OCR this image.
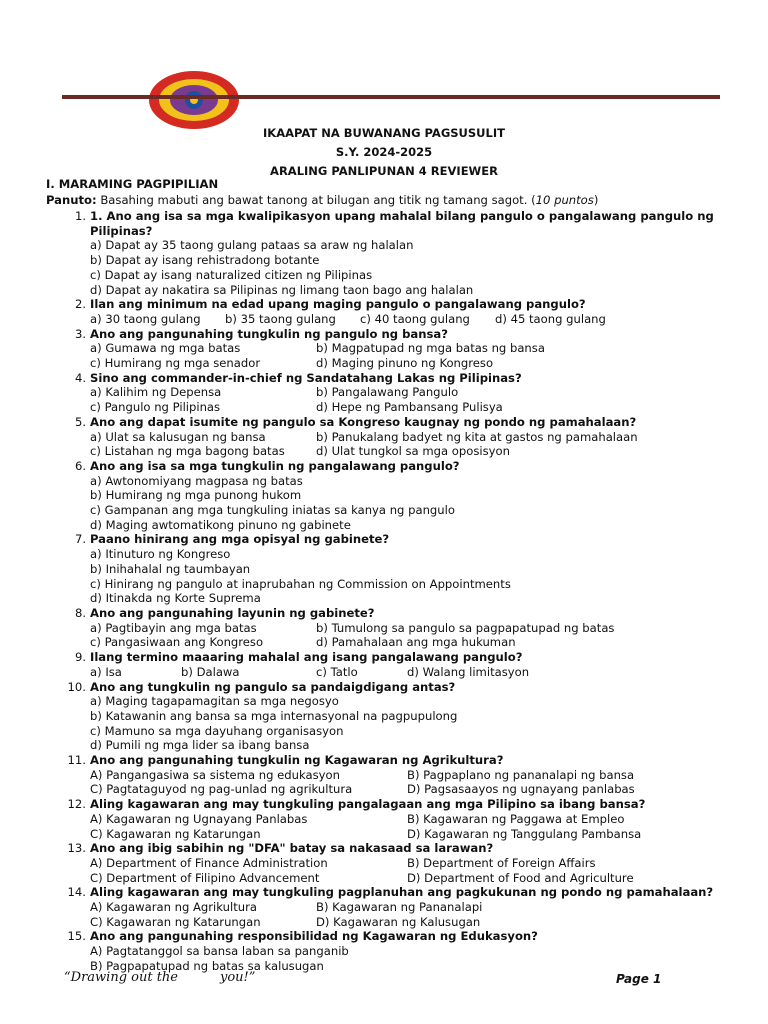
IKAAPAT NA BUWANANG PAGSUSULIT
S.Y. 2024-2025
ARALING PANLIPUNAN 4 REVIEWER
I. MARAMING PAGPIPILIAN
Panuto: Basahing mabuti ang bawat tanong at bilugan ang titik ng tamang sagot. (10 puntos)
1. 1. Ano ang isa sa mga kwalipikasyon upang mahalal bilang pangulo o pangalawang pangulo ng Pilipinas?
a) Dapat ay 35 taong gulang pataas sa araw ng halalan
b) Dapat ay isang rehistradong botante
c) Dapat ay isang naturalized citizen ng Pilipinas
d) Dapat ay nakatira sa Pilipinas ng limang taon bago ang halalan
2. Ilan ang minimum na edad upang maging pangulo o pangalawang pangulo?
a) 30 taong gulang	b) 35 taong gulang	c) 40 taong gulang	d) 45 taong gulang
3. Ano ang pangunahing tungkulin ng pangulo ng bansa?
a) Gumawa ng mga batas	b) Magpatupad ng mga batas ng bansa
c) Humirang ng mga senador	d) Maging pinuno ng Kongreso
4. Sino ang commander-in-chief ng Sandatahang Lakas ng Pilipinas?
a) Kalihim ng Depensa	b) Pangalawang Pangulo
c) Pangulo ng Pilipinas	d) Hepe ng Pambansang Pulisya
5. Ano ang dapat isumite ng pangulo sa Kongreso kaugnay ng pondo ng pamahalaan?
a) Ulat sa kalusugan ng bansa	b) Panukalang badyet ng kita at gastos ng pamahalaan
c) Listahan ng mga bagong batas	d) Ulat tungkol sa mga oposisyon
6. Ano ang isa sa mga tungkulin ng pangalawang pangulo?
a) Awtonomiyang magpasa ng batas
b) Humirang ng mga punong hukom
c) Gampanan ang mga tungkuling iniatas sa kanya ng pangulo
d) Maging awtomatikong pinuno ng gabinete
7. Paano hinirang ang mga opisyal ng gabinete?
a) Itinuturo ng Kongreso
b) Inihahalal ng taumbayan
c) Hinirang ng pangulo at inaprubahan ng Commission on Appointments
d) Itinakda ng Korte Suprema
8. Ano ang pangunahing layunin ng gabinete?
a) Pagtibayin ang mga batas	b) Tumulong sa pangulo sa pagpapatupad ng batas
c) Pangasiwaan ang Kongreso	d) Pamahalaan ang mga hukuman
9. Ilang termino maaaring mahalal ang isang pangalawang pangulo?
a) Isa	b) Dalawa	c) Tatlo	d) Walang limitasyon
10. Ano ang tungkulin ng pangulo sa pandaigdigang antas?
a) Maging tagapamagitan sa mga negosyo
b) Katawanin ang bansa sa mga internasyonal na pagpupulong
c) Mamuno sa mga dayuhang organisasyon
d) Pumili ng mga lider sa ibang bansa
11. Ano ang pangunahing tungkulin ng Kagawaran ng Agrikultura?
A) Pangangasiwa sa sistema ng edukasyon	B) Pagpaplano ng pananalapi ng bansa
C) Pagtataguyod ng pag-unlad ng agrikultura	D) Pagsasaayos ng ugnayang panlabas
12. Aling kagawaran ang may tungkuling pangalagaan ang mga Pilipino sa ibang bansa?
A) Kagawaran ng Ugnayang Panlabas	B) Kagawaran ng Paggawa at Empleo
C) Kagawaran ng Katarungan	D) Kagawaran ng Tanggulang Pambansa
13. Ano ang ibig sabihin ng "DFA" batay sa nakasaad sa larawan?
A) Department of Finance Administration	B) Department of Foreign Affairs
C) Department of Filipino Advancement	D) Department of Food and Agriculture
14. Aling kagawaran ang may tungkuling pagplanuhan ang pagkukunan ng pondo ng pamahalaan?
A) Kagawaran ng Agrikultura	B) Kagawaran ng Pananalapi
C) Kagawaran ng Katarungan	D) Kagawaran ng Kalusugan
15. Ano ang pangunahing responsibilidad ng Kagawaran ng Edukasyon?
A) Pagtatanggol sa bansa laban sa panganib
B) Pagpapatupad ng batas sa kalusugan
“Drawing out the	you!”	Page 1
